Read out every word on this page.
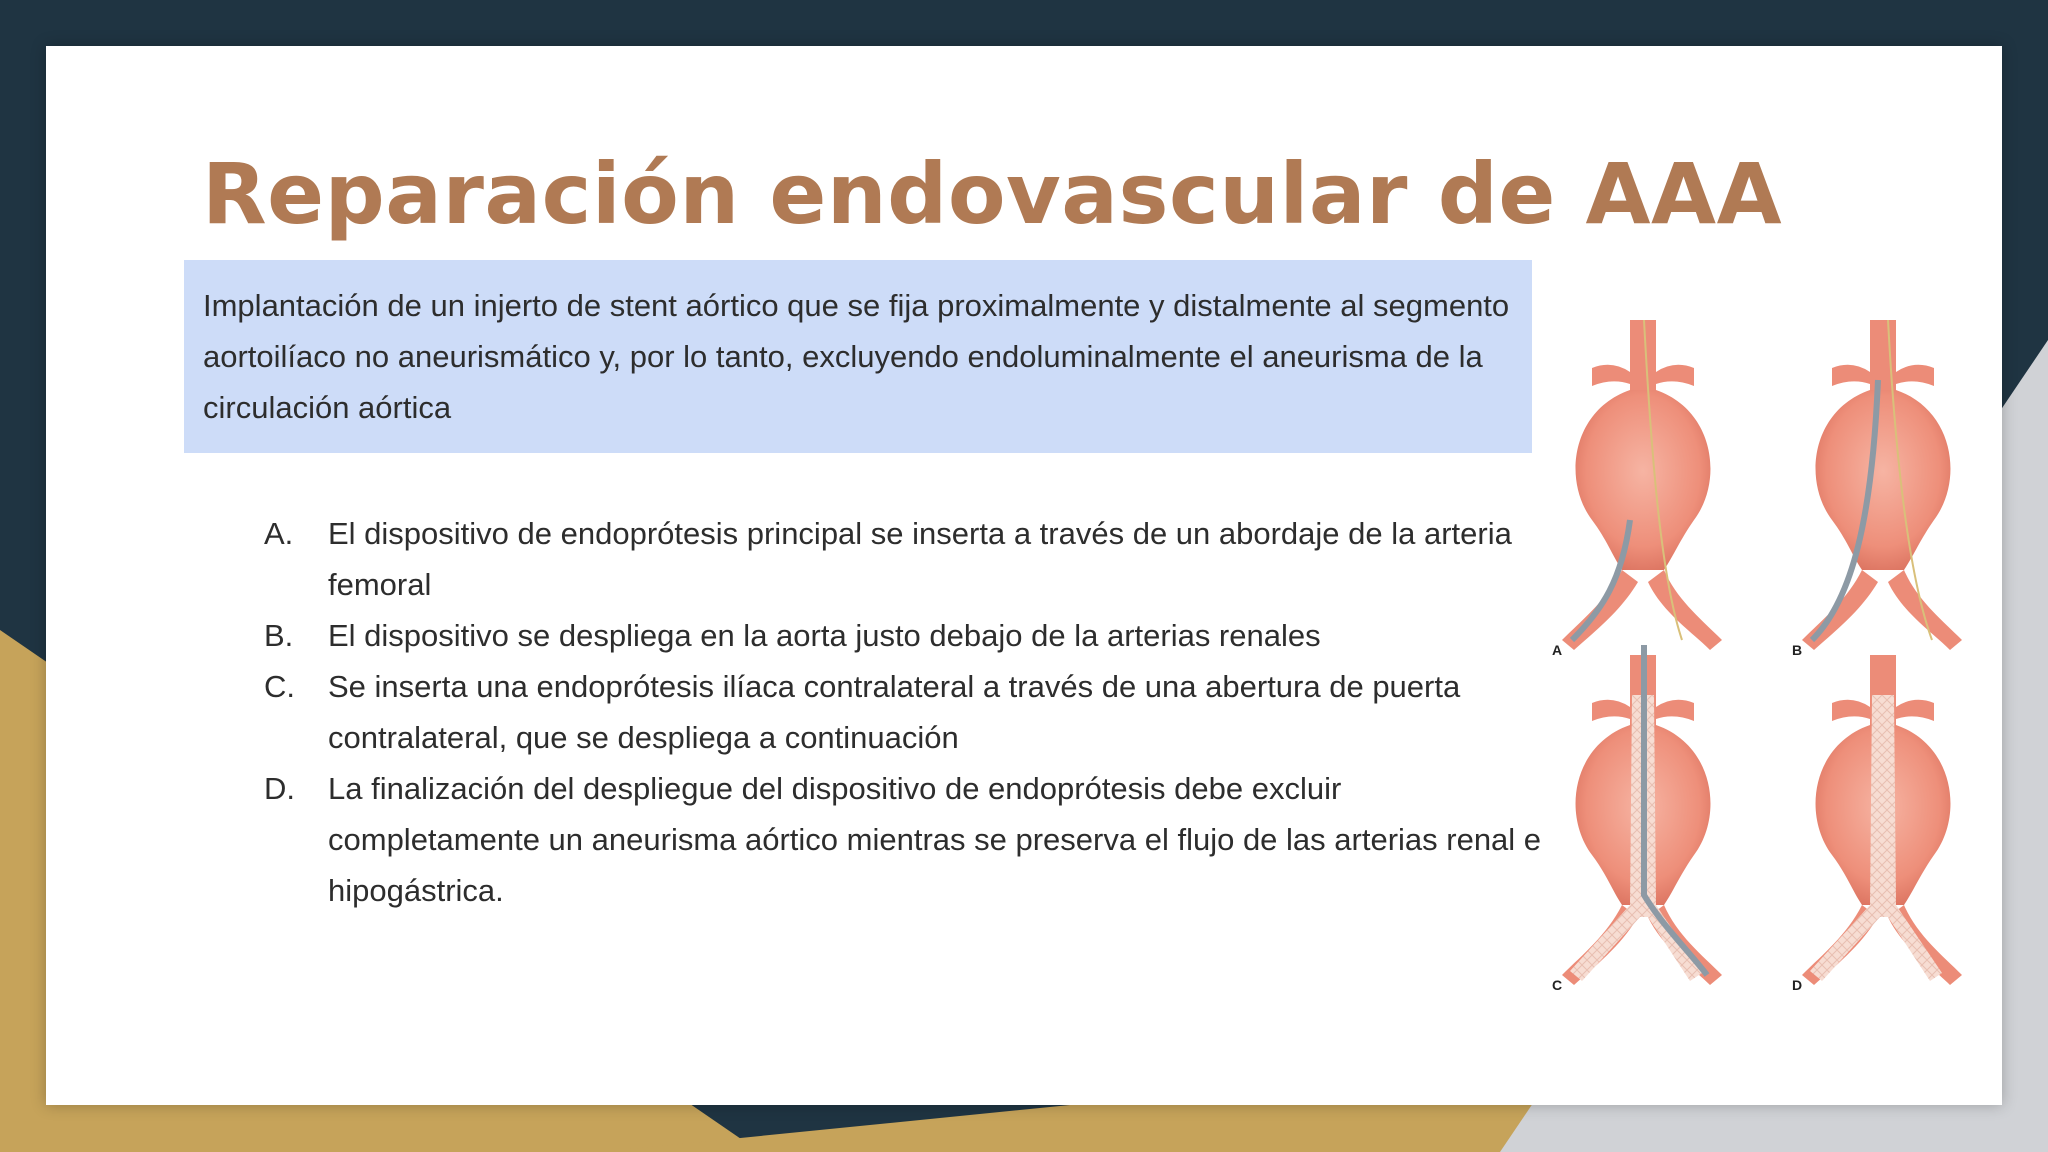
Reparación endovascular de AAA
Implantación de un injerto de stent aórtico que se fija proximalmente y distalmente al segmento aortoilíaco no aneurismático y, por lo tanto, excluyendo endoluminalmente el aneurisma de la circulación aórtica
A.	El dispositivo de endoprótesis principal se inserta a través de un abordaje de la arteria femoral
B.	El dispositivo se despliega en la aorta justo debajo de la arterias renales
C.	Se inserta una endoprótesis ilíaca contralateral a través de una abertura de puerta contralateral, que se despliega a continuación
D.	La finalización del despliegue del dispositivo de endoprótesis debe excluir completamente un aneurisma aórtico mientras se preserva el flujo de las arterias renal e hipogástrica.
A	B
C	D
